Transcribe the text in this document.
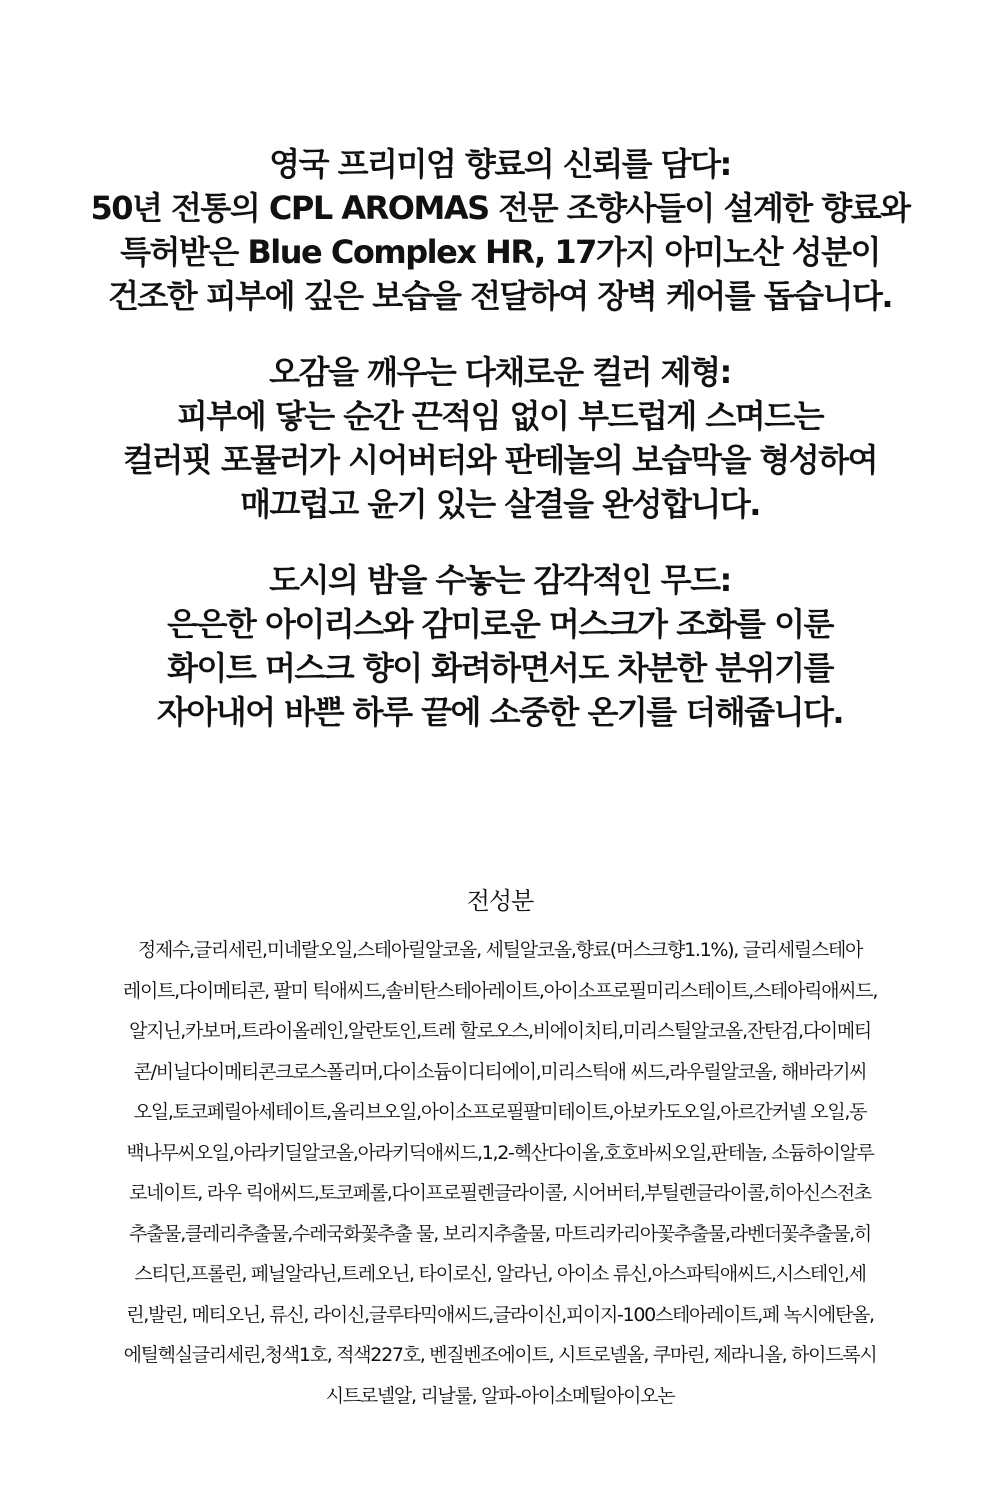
영국 프리미엄 향료의 신뢰를 담다:
50년 전통의 CPL AROMAS 전문 조향사들이 설계한 향료와
특허받은 Blue Complex HR, 17가지 아미노산 성분이
건조한 피부에 깊은 보습을 전달하여 장벽 케어를 돕습니다.
오감을 깨우는 다채로운 컬러 제형:
피부에 닿는 순간 끈적임 없이 부드럽게 스며드는
컬러핏 포뮬러가 시어버터와 판테놀의 보습막을 형성하여
매끄럽고 윤기 있는 살결을 완성합니다.
도시의 밤을 수놓는 감각적인 무드:
은은한 아이리스와 감미로운 머스크가 조화를 이룬
화이트 머스크 향이 화려하면서도 차분한 분위기를
자아내어 바쁜 하루 끝에 소중한 온기를 더해줍니다.
전성분
정제수,글리세린,미네랄오일,스테아릴알코올, 세틸알코올,향료(머스크향1.1%), 글리세릴스테아
레이트,다이메티콘, 팔미 틱애씨드,솔비탄스테아레이트,아이소프로필미리스테이트,스테아릭애씨드,
알지닌,카보머,트라이올레인,알란토인,트레 할로오스,비에이치티,미리스틸알코올,잔탄검,다이메티
콘/비닐다이메티콘크로스폴리머,다이소듐이디티에이,미리스틱애 씨드,라우릴알코올, 해바라기씨
오일,토코페릴아세테이트,올리브오일,아이소프로필팔미테이트,아보카도오일,아르간커넬 오일,동
백나무씨오일,아라키딜알코올,아라키딕애씨드,1,2-헥산다이올,호호바씨오일,판테놀, 소듐하이알루
로네이트, 라우 릭애씨드,토코페롤,다이프로필렌글라이콜, 시어버터,부틸렌글라이콜,히아신스전초
추출물,클레리추출물,수레국화꽃추출 물, 보리지추출물, 마트리카리아꽃추출물,라벤더꽃추출물,히
스티딘,프롤린, 페닐알라닌,트레오닌, 타이로신, 알라닌, 아이소 류신,아스파틱애씨드,시스테인,세
린,발린, 메티오닌, 류신, 라이신,글루타믹애씨드,글라이신,피이지-100스테아레이트,페 녹시에탄올,
에틸헥실글리세린,청색1호, 적색227호, 벤질벤조에이트, 시트로넬올, 쿠마린, 제라니올, 하이드록시
시트로넬알, 리날룰, 알파-아이소메틸아이오논
